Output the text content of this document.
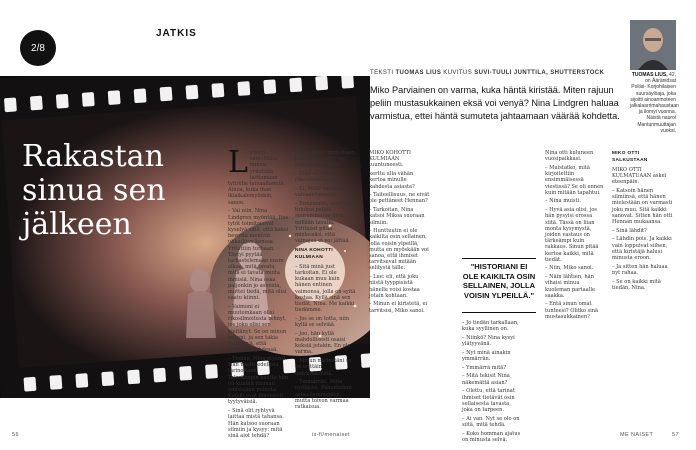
2/8
JATKIS
Rakastan
sinua sen
jälkeen
TEKSTI TUOMAS LIUS KUVITUS SUVI-TUULI JUNTTILA, SHUTTERSTOCK
Miko Parviainen on varma, kuka häntä kiristää. Miten rajuun peliin mustasukkainen eksä voi venyä? Nina Lindgren haluaa varmistua, ettei häntä sumuteta jahtaamaan väärää kohdetta.
TUOMAS LIUS, 42, on Ääränidsat Poliisi- Korjohilaisen suursäylöaja, joka sijoitti ainoanmoteen jalkalaarrimahaustaan ja ilomyi vuonna. Näistä nauroi Mantunmuuttajan vuoksi.

Lyhesti samottuna minua yritetään laittamaan tyttöille taivaaltamitä. Ainoa, kuka ihan ikiaikalemyöskin, sanoo.

– Vai niin, Nina Lindgren myöntää. Itse tytöt toimitaisivat kyselyä siitä, että kaksi hevosta menivät uhkailijan kanssa. Yritettiin turhaan. Täytyi pyytää tarkastelemaan ensin aikaa, mitä tavata, mitä ei tavata muita ihmisiä. Nina osaa paljonkin jo asioista, muttei tiedä, mitä olisi saatu kiinni.

– Vaimoni ei muutoinkaan olisi rikosilmoitusta tehnyt, jos joku olisi sen kieltänyt. Se on minun juttuni, ja sen takia ihan hyvä, että mietimme yhdessä.

– Tiedän, Nina myönsi. Hän mietti edellisiä tarinoitaan. Teleskoopin kautta hän oli kuullut hieman omistajien puheita. Kaikki ovat ilmeisesti tyytyväisiä.

– Sinä olit ryhtyvä laittaa mistä tahansa. Hän katsoo suoraan silmiin ja kysyy: mitä sinä aiot tehdä?

– Tietenkin tunnustaan, kun jotain uutta on alkanut tapahtua.

– Eikö se tehnyt rikosilmoitusta?

– Ei, Miko naurahti vaivaantuneesti.

– Ennemmin, tärvötteet tuluksa paljon suuremmassa kuin millään tavalla. Yrittäisit pitää mielessäsi, että vainajaa ei voi jättää.

NINA KOHOTTI KULMIAAN

– Sitä minä just tarkoitan. Ei ole kukaan muu kuin hänen entinen vaimonsa, jolla on syitä kostaa. Kyllä sinä sen tiedät, Nina. Me kaikki tiedämme.

– Jos se on totta, niin kyllä se selviää.

– Joo, hän kyllä mahdollisesti osaisi keksiä jotakin. En ole varma.

– Minun mielestäni se on erittäin todennäköistä.

– Ymmärrän, Nina nyökkäsi. Pahoitteleni asiaa kymmenien, mutta toivon varmaa ratkaisua.

MIKO KOHOTTI KULMIAAN tuuntuneesti.

kerttu ulla vähän kertoa minulle kahdesta asiasta?

– Taiteellisuus, ne eivät ole pettäneet Hennan?

– Tarkoitan, Nina katsoi Mikoa suoraan silmiin.

– Hunttuutin ei ole kaikilta osin sellainen, jolla voisin ylpeillä, mutta en myöskään voi sanoa, että ihmiset tarvitsevat mitään selitystä tälle.

– Lue: eli, että joku niistä tyyppisistä hänelle voisi kostaa jotain kohtaan.

– Minun ei kiristetä, ei tarvitsisi, Miko sanoi.

"HISTORIANI EI OLE KAIKILTA OSIN SELLAINEN, JOLLA VOISIN YLPEILLÄ."

– Jo tiedän tarkallaan, kuka syyllinen on.

– Niinkö? Nina kysyi ylätyyvänä.

– Nyt minä ainakin ymmärrän.

– Ymmärrä mitä?

– Mitä tekisit Nina näkemättä asian?

– Olettu, että tarinat ihmiset tietävät osin sellaisesta tavasta, joka on tarpeen.

– Ai van. Nyt se olo on siitä, mitä tehdä.

– Koko homman ajatus on minusta selvä.

Nina otti kuluneen vuosipaikkasi.

– Muistatko, mitä kirjoitettiin ensimmäisessä viestissä? Se oli ennen kuin mitään tapahtui.

– Nina muisti.

– Hyvä asia olisi, jos hän pysyisi erossa siitä. Tässä on liian monta kysymystä, joiden vastaus on tärkeämpi kuin rakkaus. Sinun pitää kertoa kaikki, mitä tiedät.

– Niin, Miko sanoi.

– Näin lähtien, hän vihaisi minua kuoleman partaalle saakka.

– Entä sinun omat tunteesi? Olitko sinä mustasukkainen?

MIKO OTTI SALKUSTAAN

MIKO OTTI KULMATUAAN askel eteenpäin.

– Katsoin hänen silmiinsä, että hänen mielestään on varmasti joku muu. Sitä kaikki sanovat. Sitten hän otti Hennan mukaansa.

– Sinä lähdit?

– Lähdin pois. Ja kaikki vain loppuivat siihen, että kiristäjä halusi minusta eroon.

– Ja sitten hän haluaa nyt rahaa.

– Se on kaikki mitä tiedän, Nina.

56	is-fi/menaiset	ME NAISET	57
